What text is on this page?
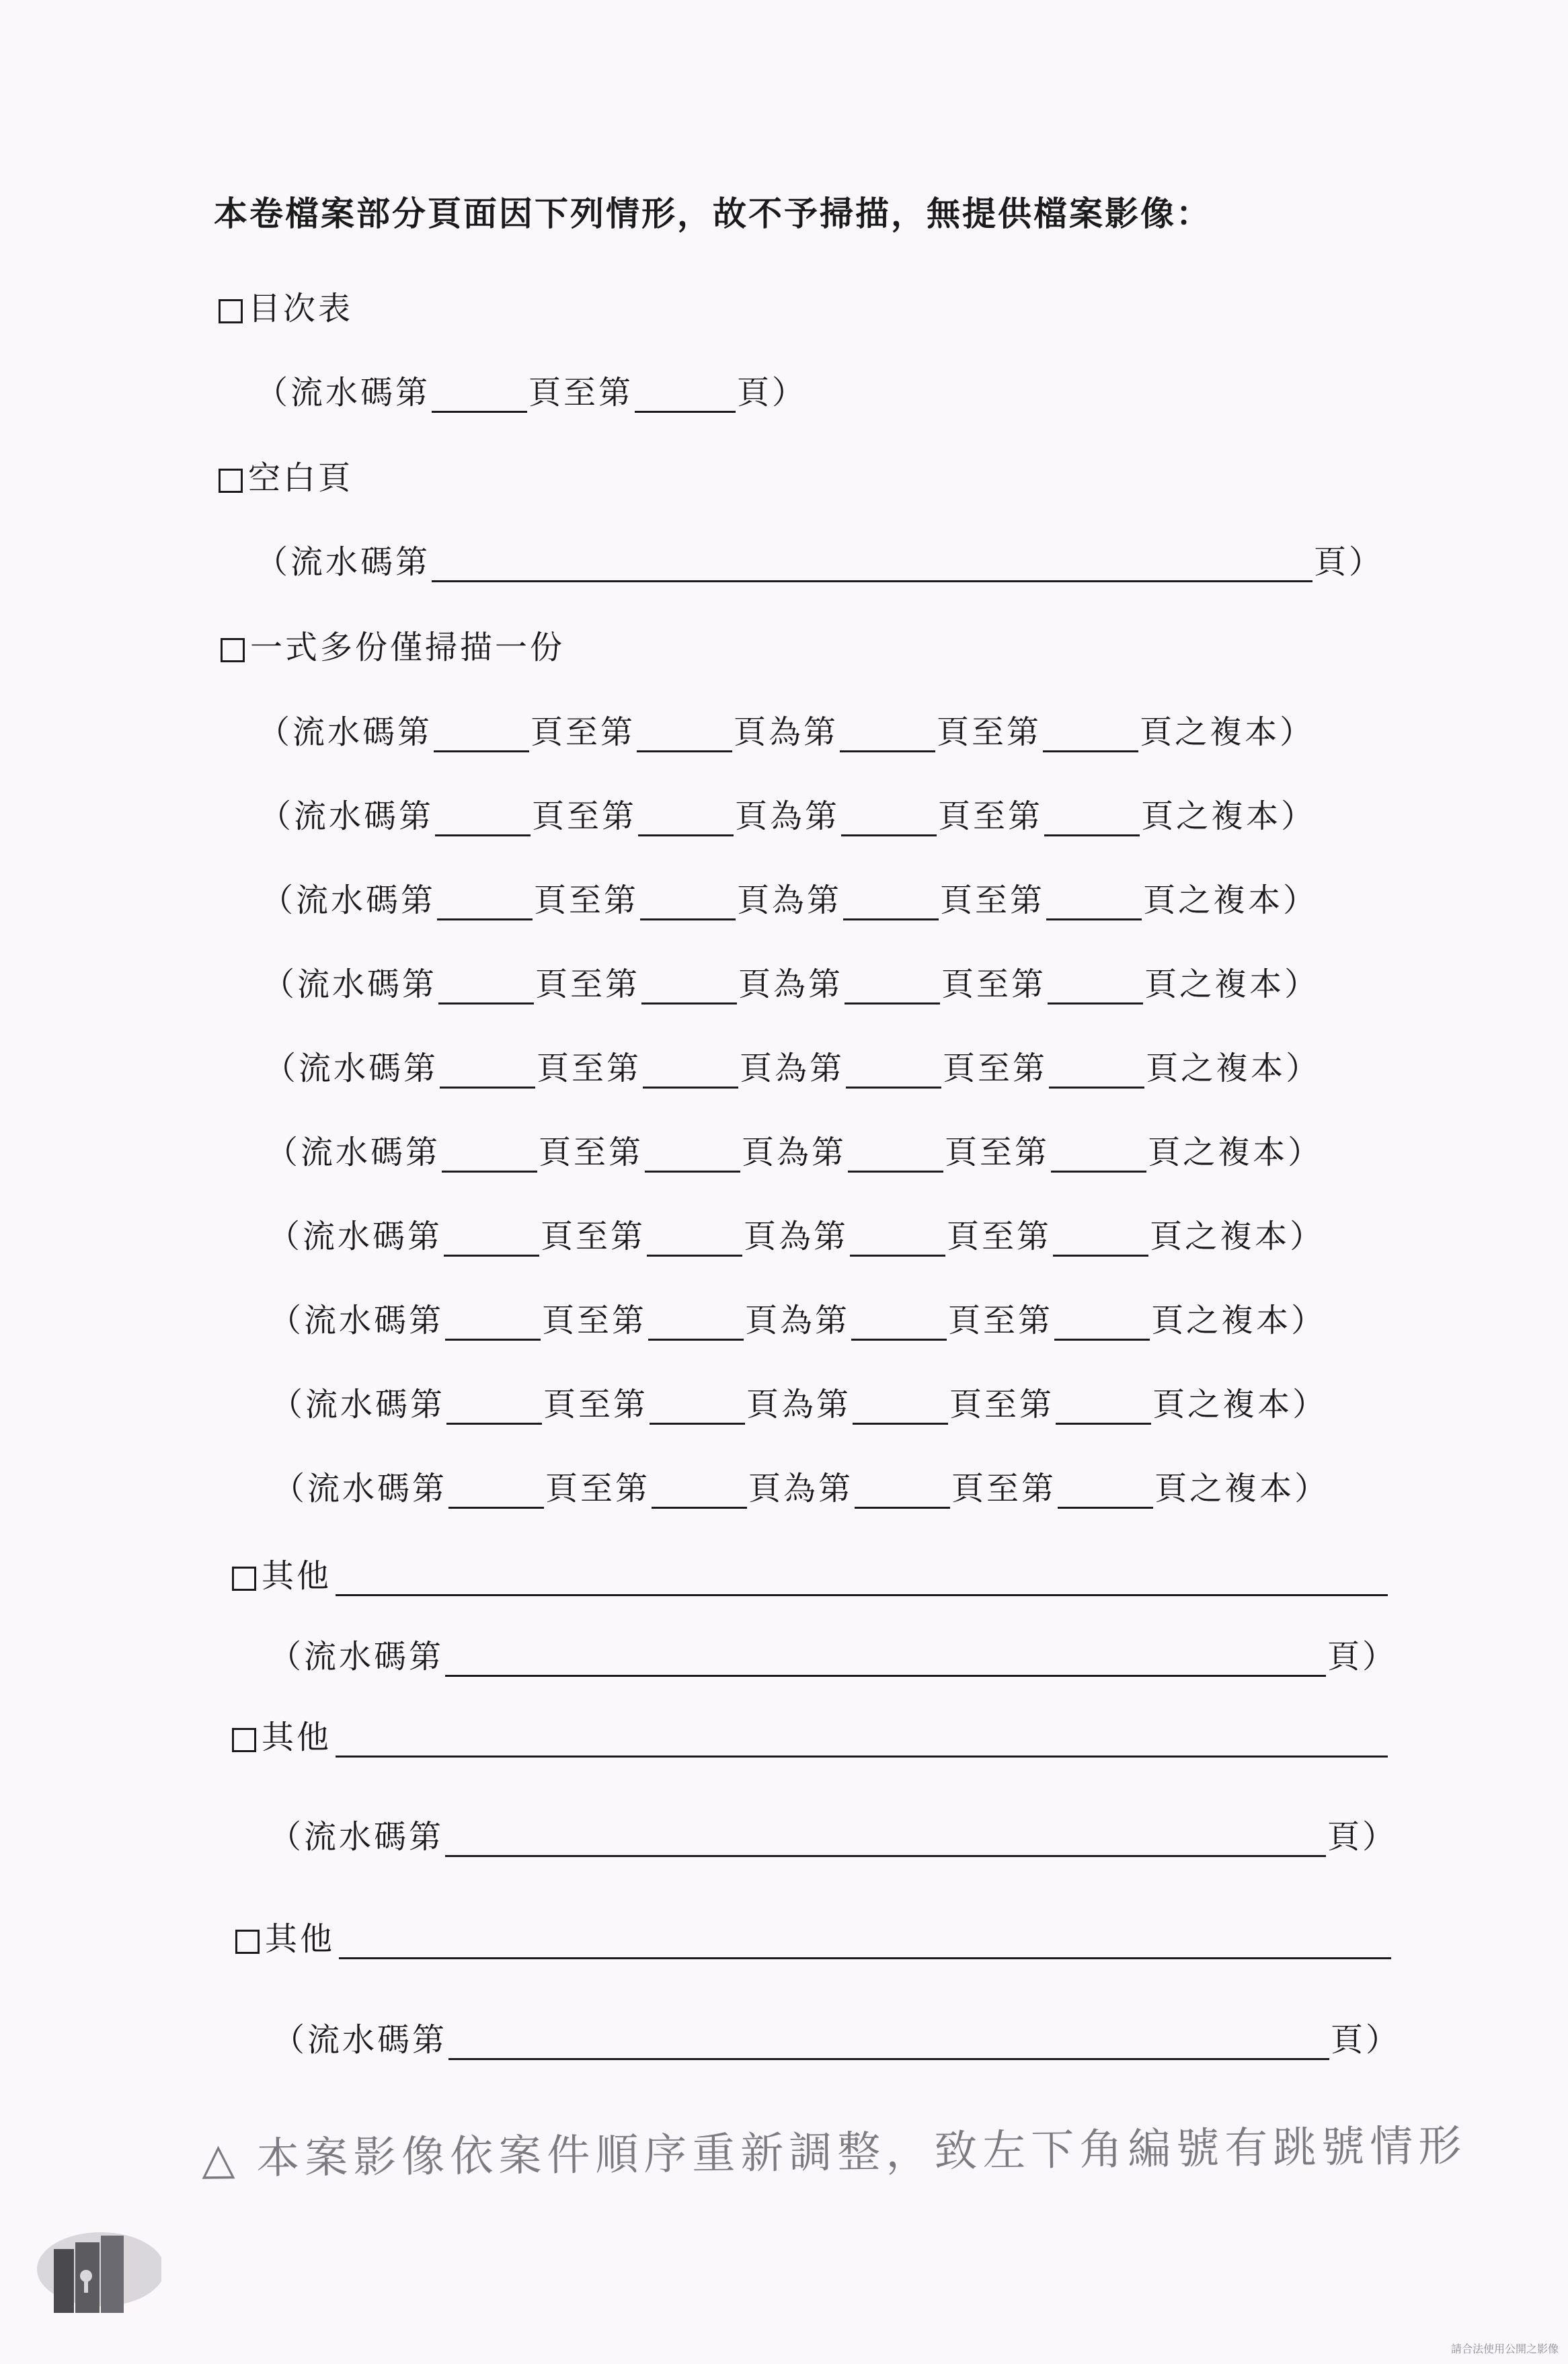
本卷檔案部分頁面因下列情形，故不予掃描，無提供檔案影像：
目次表
（流水碼第	頁至第	頁）
空白頁
（流水碼第	頁）
一式多份僅掃描一份
（流水碼第	頁至第	頁為第	頁至第	頁之複本）
（流水碼第	頁至第	頁為第	頁至第	頁之複本）
（流水碼第	頁至第	頁為第	頁至第	頁之複本）
（流水碼第	頁至第	頁為第	頁至第	頁之複本）
（流水碼第	頁至第	頁為第	頁至第	頁之複本）
（流水碼第	頁至第	頁為第	頁至第	頁之複本）
（流水碼第	頁至第	頁為第	頁至第	頁之複本）
（流水碼第	頁至第	頁為第	頁至第	頁之複本）
（流水碼第	頁至第	頁為第	頁至第	頁之複本）
（流水碼第	頁至第	頁為第	頁至第	頁之複本）
其他
（流水碼第	頁）
其他
（流水碼第	頁）
其他
（流水碼第	頁）
△ 本案影像依案件順序重新調整，致左下角編號有跳號情形
請合法使用公開之影像
